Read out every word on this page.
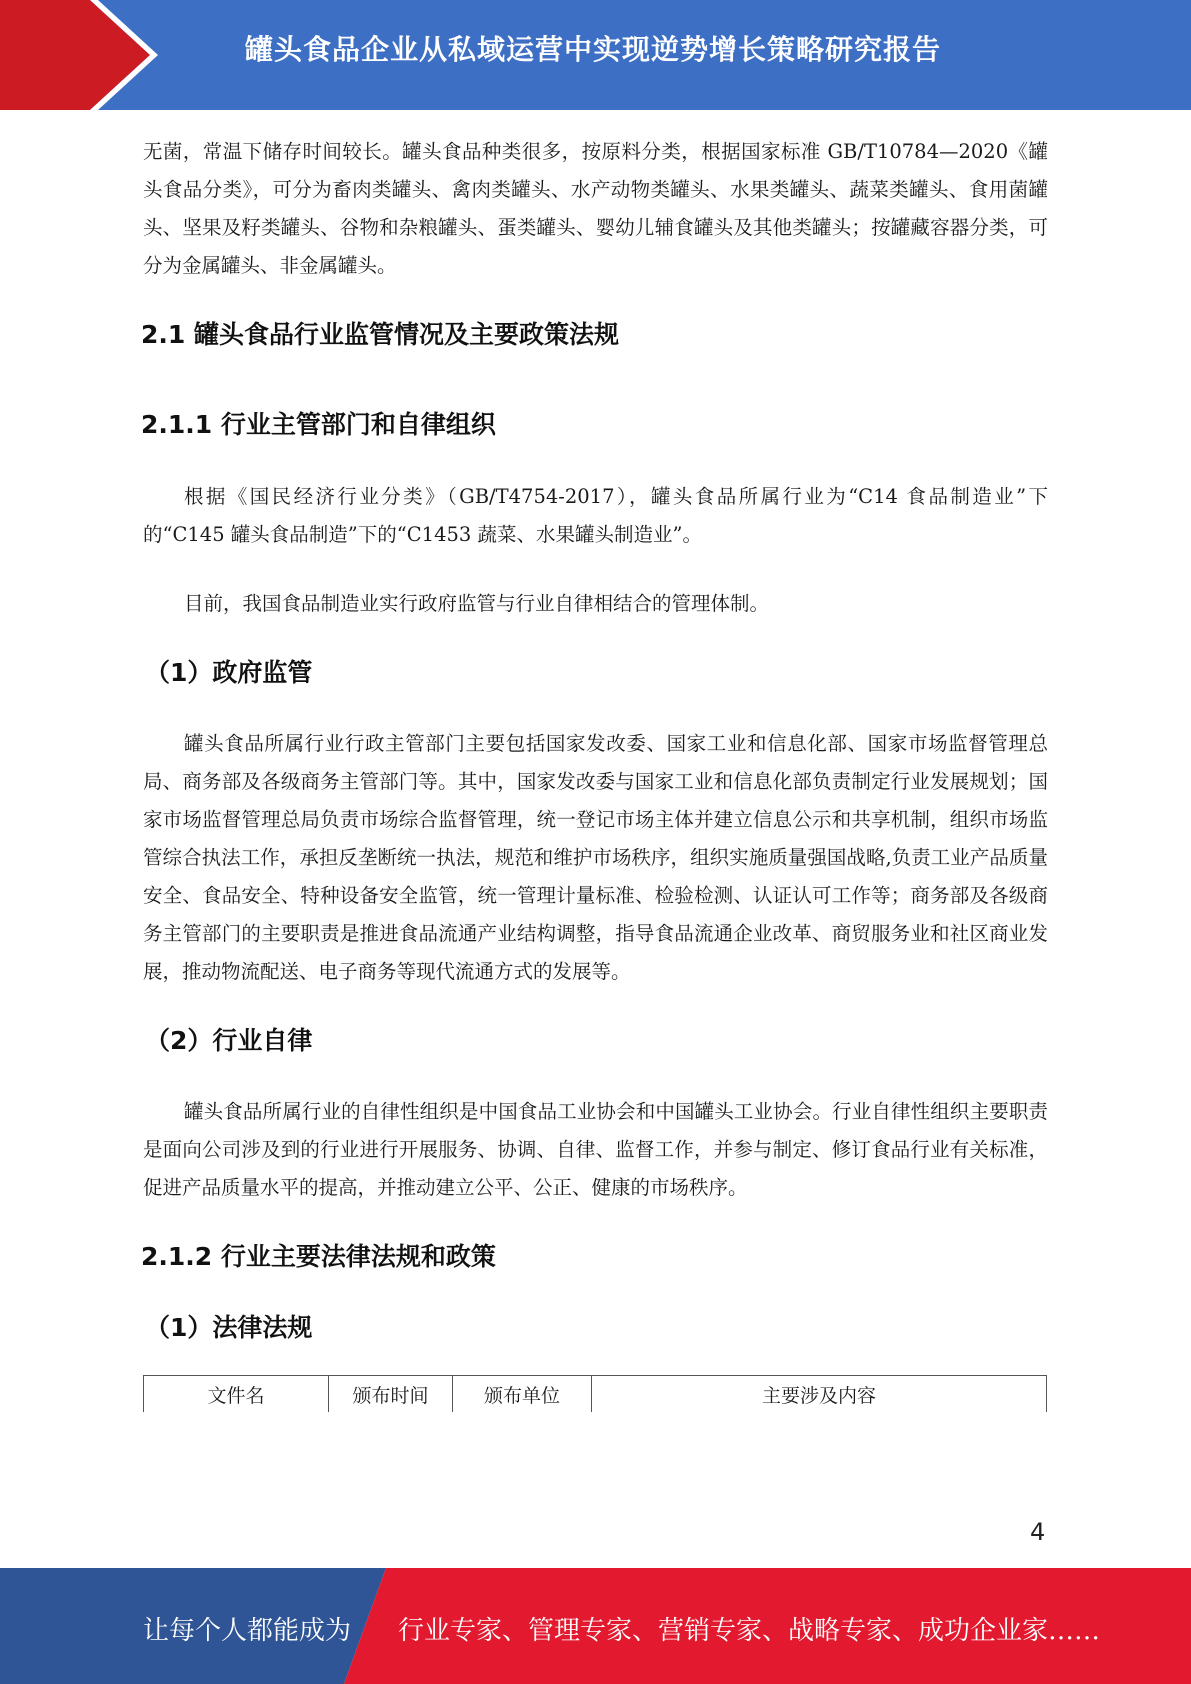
罐头食品企业从私域运营中实现逆势增长策略研究报告

无菌，常温下储存时间较长。罐头食品种类很多，按原料分类，根据国家标准 GB/T10784—2020《罐头食品分类》，可分为畜肉类罐头、禽肉类罐头、水产动物类罐头、水果类罐头、蔬菜类罐头、食用菌罐头、坚果及籽类罐头、谷物和杂粮罐头、蛋类罐头、婴幼儿辅食罐头及其他类罐头；按罐藏容器分类，可分为金属罐头、非金属罐头。

2.1 罐头食品行业监管情况及主要政策法规
2.1.1 行业主管部门和自律组织

根据《国民经济行业分类》（GB/T4754-2017），罐头食品所属行业为“C14 食品制造业”下的“C145 罐头食品制造”下的“C1453 蔬菜、水果罐头制造业”。

目前，我国食品制造业实行政府监管与行业自律相结合的管理体制。

（1）政府监管

罐头食品所属行业行政主管部门主要包括国家发改委、国家工业和信息化部、国家市场监督管理总局、商务部及各级商务主管部门等。其中，国家发改委与国家工业和信息化部负责制定行业发展规划；国家市场监督管理总局负责市场综合监督管理，统一登记市场主体并建立信息公示和共享机制，组织市场监管综合执法工作，承担反垄断统一执法，规范和维护市场秩序，组织实施质量强国战略,负责工业产品质量安全、食品安全、特种设备安全监管，统一管理计量标准、检验检测、认证认可工作等；商务部及各级商务主管部门的主要职责是推进食品流通产业结构调整，指导食品流通企业改革、商贸服务业和社区商业发展，推动物流配送、电子商务等现代流通方式的发展等。

（2）行业自律

罐头食品所属行业的自律性组织是中国食品工业协会和中国罐头工业协会。行业自律性组织主要职责是面向公司涉及到的行业进行开展服务、协调、自律、监督工作，并参与制定、修订食品行业有关标准，促进产品质量水平的提高，并推动建立公平、公正、健康的市场秩序。

2.1.2 行业主要法律法规和政策
（1）法律法规
文件名	颁布时间	颁布单位	主要涉及内容
4
让每个人都能成为 行业专家、管理专家、营销专家、战略专家、成功企业家……
